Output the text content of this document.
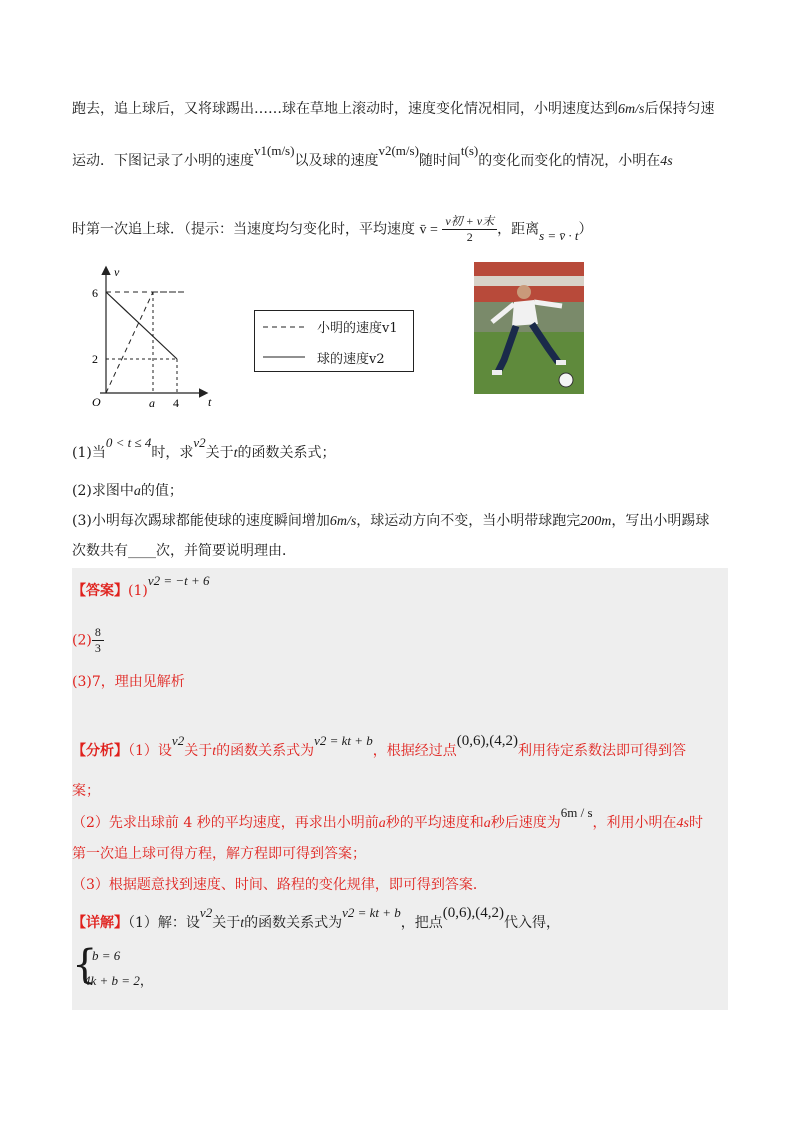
跑去，追上球后，又将球踢出……球在草地上滚动时，速度变化情况相同，小明速度达到6m/s后保持匀速
运动．下图记录了小明的速度v1(m/s)以及球的速度v2(m/s)随时间t(s)的变化而变化的情况，小明在4s
时第一次追上球．（提示：当速度均匀变化时，平均速度 v̄ = $\frac{\text{v初 + v末}}{2}$ ，距离s = v̄ · t）
v
t
O
6
2
a 4
小明的速度v1
球的速度v2
(1)当0 < t ≤ 4时，求v2关于t的函数关系式；
(2)求图中a的值；
(3)小明每次踢球都能使球的速度瞬间增加6m/s，球运动方向不变，当小明带球跑完200m，写出小明踢球
次数共有____次，并简要说明理由．
【答案】(1)v2 = −t + 6
$(2) \frac{8}{3}$
(3)7，理由见解析
【分析】（1）设v2关于t的函数关系式为v2 = kt + b，根据经过点(0,6),(4,2)利用待定系数法即可得到答
案；
（2）先求出球前 4 秒的平均速度，再求出小明前a秒的平均速度和a秒后速度为6m / s，利用小明在4s时
第一次追上球可得方程，解方程即可得到答案；
（3）根据题意找到速度、时间、路程的变化规律，即可得到答案．
【详解】（1）解：设v2关于t的函数关系式为v2 = kt + b，把点(0,6),(4,2)代入得，
{
b = 6
4k + b = 2，
